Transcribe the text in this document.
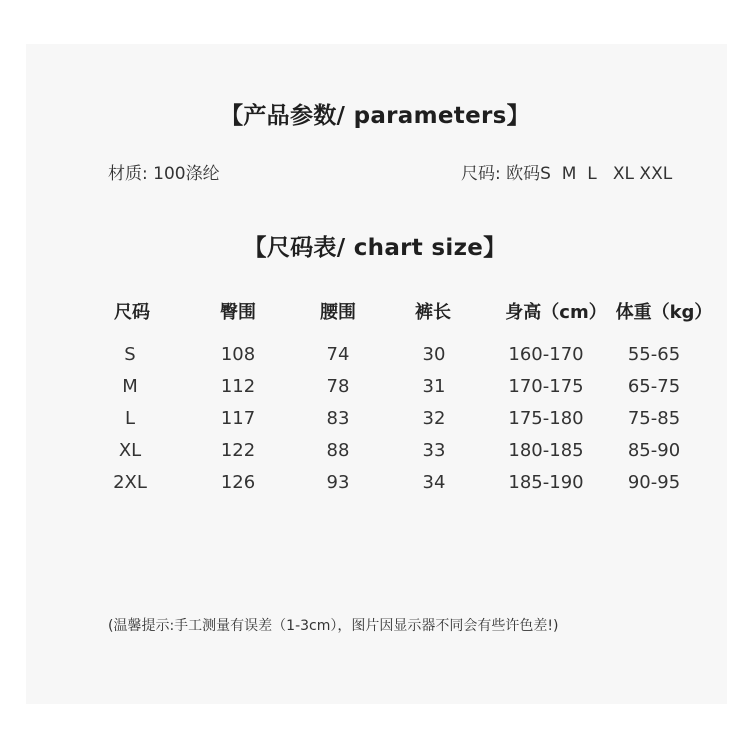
【产品参数/ parameters】
材质: 100涤纶	尺码: 欧码S  M  L   XL XXL
【尺码表/ chart size】
尺码	臀围	腰围	裤长	身高（cm） 体重（kg）
S	108	74	30	160-170 55-65
M	112	78	31	170-175 65-75
L	117	83	32	175-180 75-85
XL	122	88	33	180-185 85-90
2XL	126	93	34	185-190 90-95
(温馨提示:手工测量有误差（1-3cm），图片因显示器不同会有些许色差!)
